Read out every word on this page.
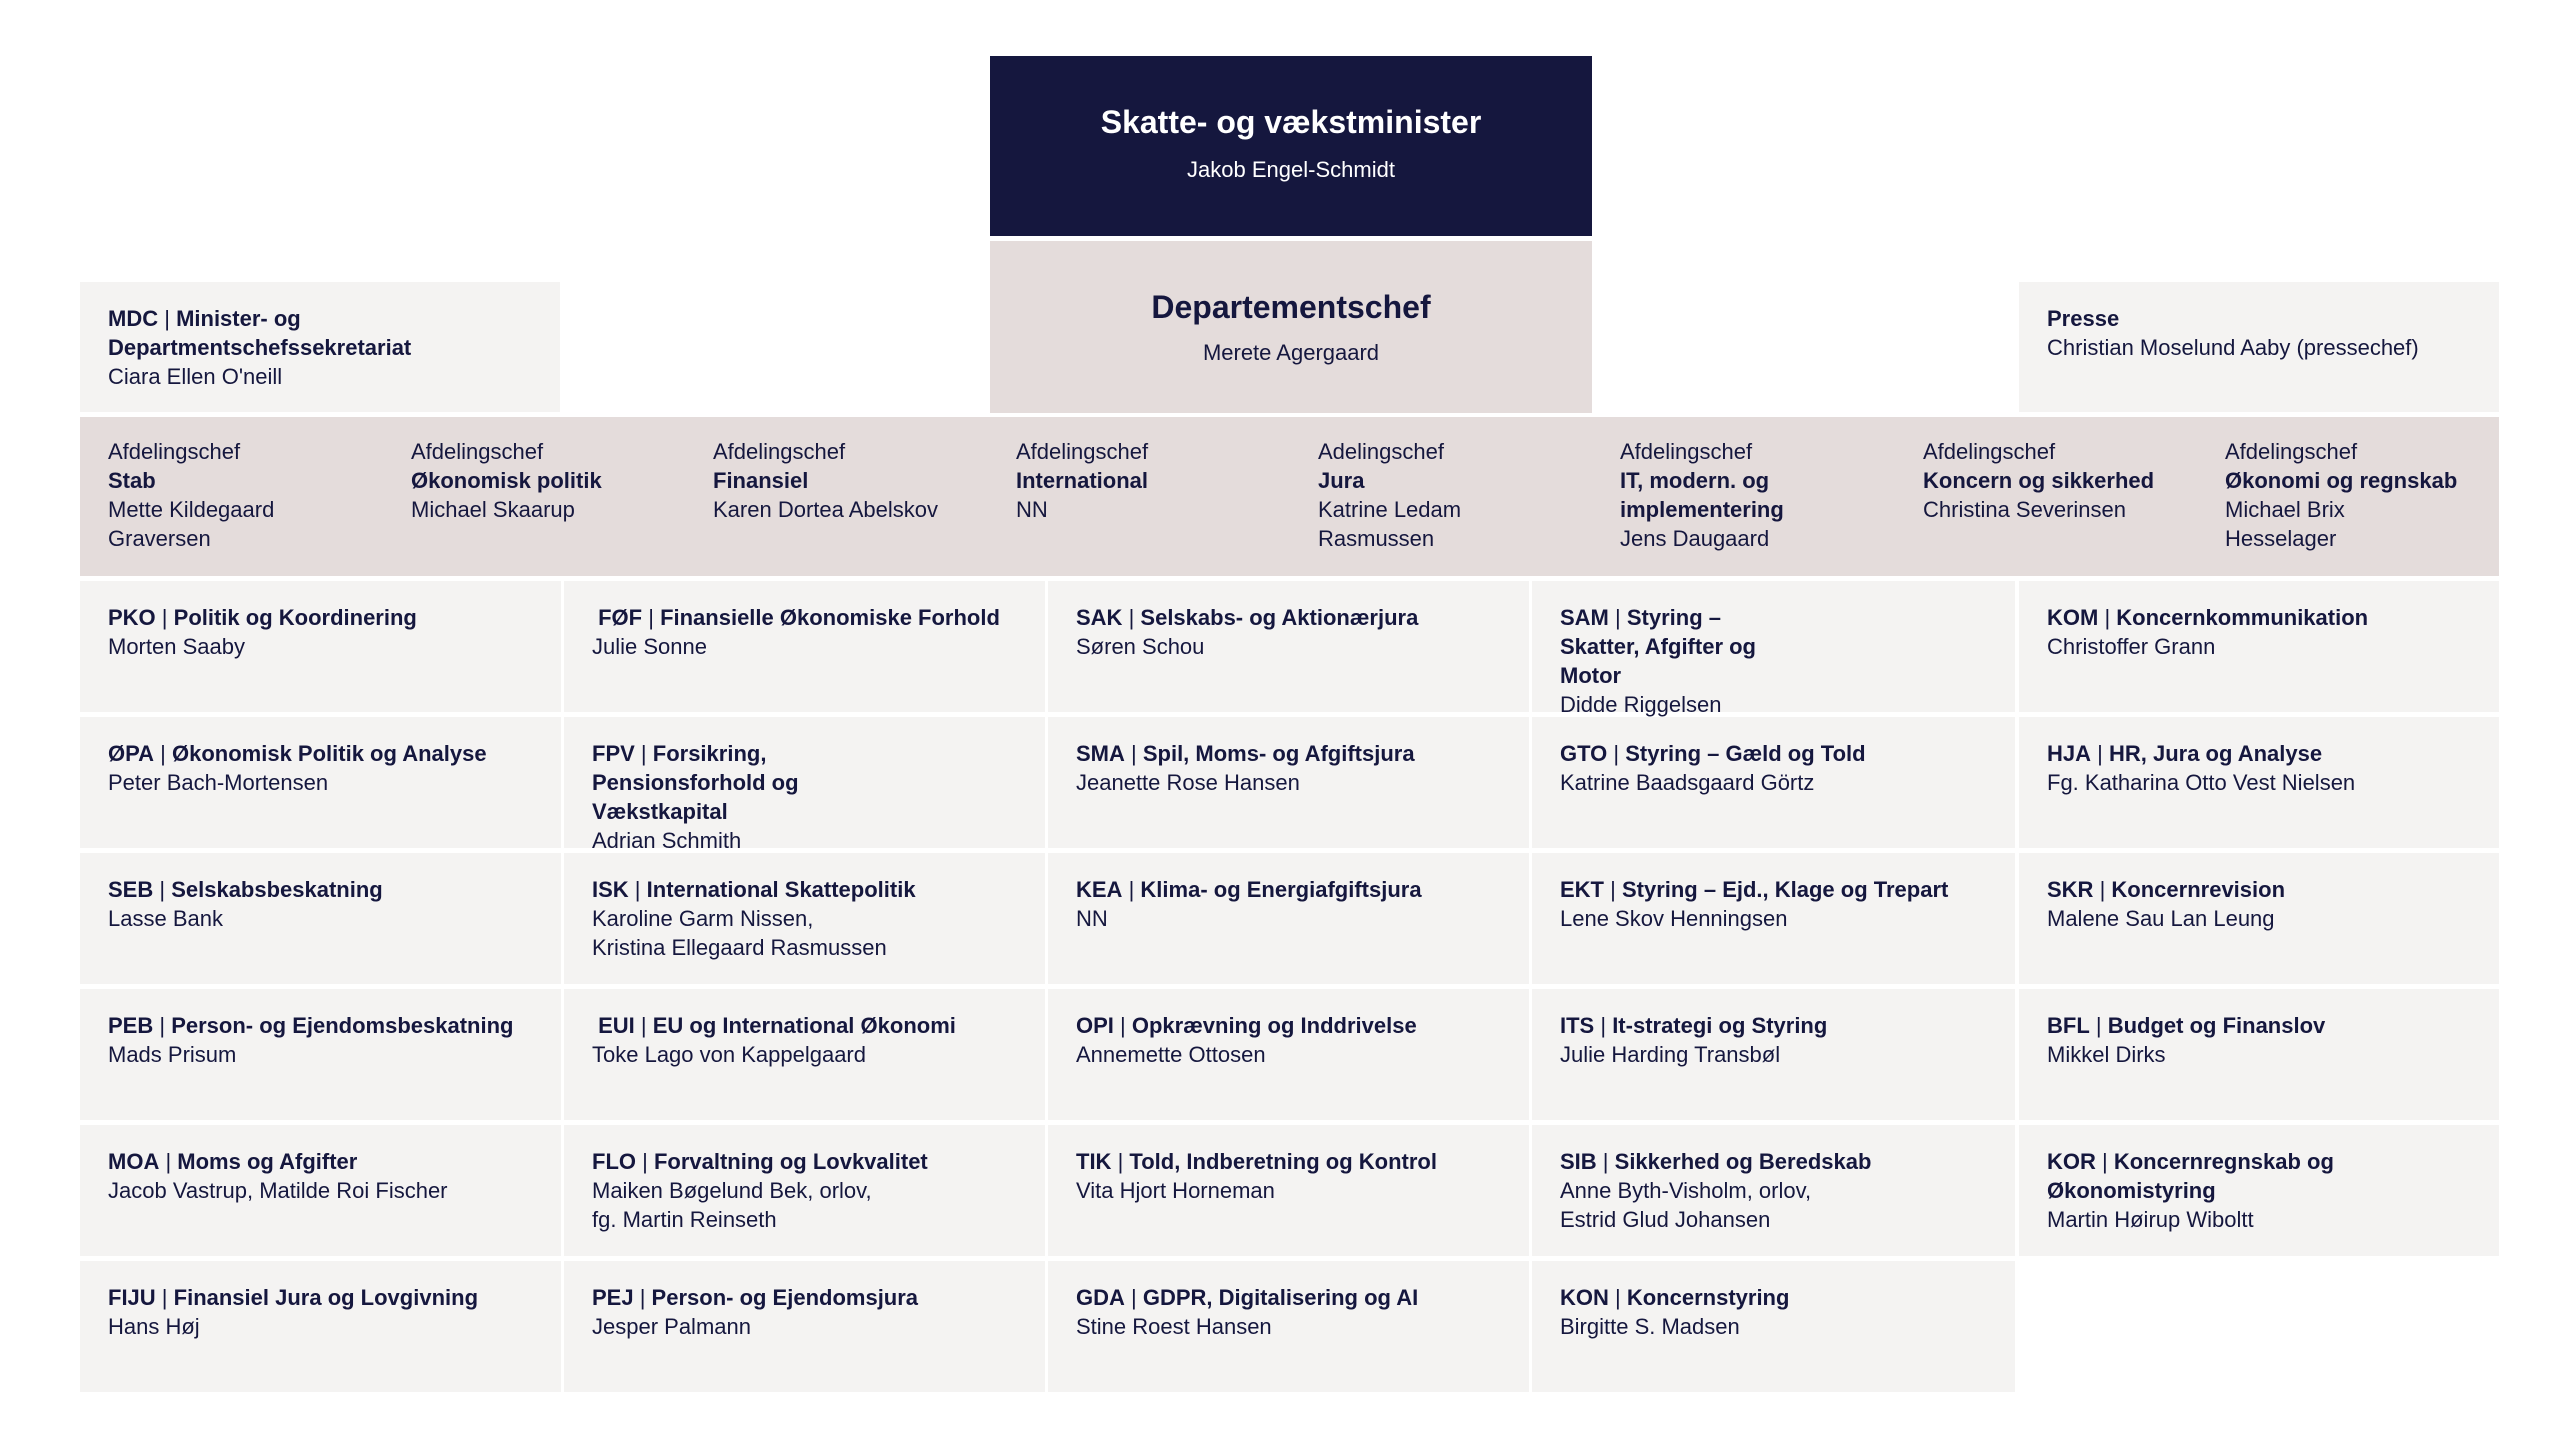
Skatte- og vækstminister
Jakob Engel-Schmidt
Departementschef
Merete Agergaard
MDC | Minister- og Departmentschefssekretariat
Ciara Ellen O'neill
Presse
Christian Moselund Aaby (pressechef)
Afdelingschef
Stab
Mette Kildegaard Graversen
Afdelingschef
Økonomisk politik
Michael Skaarup
Afdelingschef
Finansiel
Karen Dortea Abelskov
Afdelingschef
International
NN
Adelingschef
Jura
Katrine Ledam Rasmussen
Afdelingschef
IT, modern. og implementering
Jens Daugaard
Afdelingschef
Koncern og sikkerhed
Christina Severinsen
Afdelingschef
Økonomi og regnskab
Michael Brix Hesselager
PKO | Politik og Koordinering
Morten Saaby
ØPA | Økonomisk Politik og Analyse
Peter Bach-Mortensen
SEB | Selskabsbeskatning
Lasse Bank
PEB | Person- og Ejendomsbeskatning
Mads Prisum
MOA | Moms og Afgifter
Jacob Vastrup, Matilde Roi Fischer
FIJU | Finansiel Jura og Lovgivning
Hans Høj
FØF | Finansielle Økonomiske Forhold
Julie Sonne
FPV | Forsikring, Pensionsforhold og Vækstkapital
Adrian Schmith
ISK | International Skattepolitik
Karoline Garm Nissen,
Kristina Ellegaard Rasmussen
EUI | EU og International Økonomi
Toke Lago von Kappelgaard
FLO | Forvaltning og Lovkvalitet
Maiken Bøgelund Bek, orlov,
fg. Martin Reinseth
PEJ | Person- og Ejendomsjura
Jesper Palmann
SAK | Selskabs- og Aktionærjura
Søren Schou
SMA | Spil, Moms- og Afgiftsjura
Jeanette Rose Hansen
KEA | Klima- og Energiafgiftsjura
NN
OPI | Opkrævning og Inddrivelse
Annemette Ottosen
TIK | Told, Indberetning og Kontrol
Vita Hjort Horneman
GDA | GDPR, Digitalisering og AI
Stine Roest Hansen
SAM | Styring – Skatter, Afgifter og Motor
Didde Riggelsen
GTO | Styring – Gæld og Told
Katrine Baadsgaard Görtz
EKT | Styring – Ejd., Klage og Trepart
Lene Skov Henningsen
ITS | It-strategi og Styring
Julie Harding Transbøl
SIB | Sikkerhed og Beredskab
Anne Byth-Visholm, orlov,
Estrid Glud Johansen
KON | Koncernstyring
Birgitte S. Madsen
KOM | Koncernkommunikation
Christoffer Grann
HJA | HR, Jura og Analyse
Fg. Katharina Otto Vest Nielsen
SKR | Koncernrevision
Malene Sau Lan Leung
BFL | Budget og Finanslov
Mikkel Dirks
KOR | Koncernregnskab og Økonomistyring
Martin Høirup Wiboltt
